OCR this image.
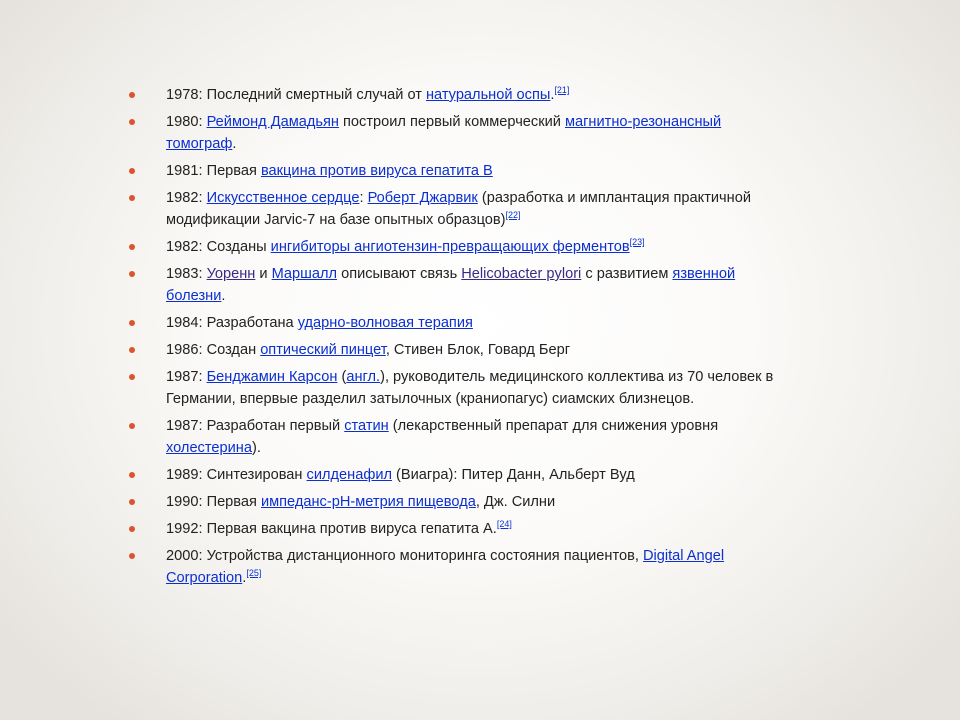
1978: Последний смертный случай от натуральной оспы.[21]
1980: Реймонд Дамадьян построил первый коммерческий магнитно-резонансный томограф.
1981: Первая вакцина против вируса гепатита В
1982: Искусственное сердце: Роберт Джарвик (разработка и имплантация практичной модификации Jarvic-7 на базе опытных образцов)[22]
1982: Созданы ингибиторы ангиотензин-превращающих ферментов[23]
1983: Уоренн и Маршалл описывают связь Helicobacter pylori с развитием язвенной болезни.
1984: Разработана ударно-волновая терапия
1986: Создан оптический пинцет, Стивен Блок, Говард Берг
1987: Бенджамин Карсон (англ.), руководитель медицинского коллектива из 70 человек в Германии, впервые разделил затылочных (краниопагус) сиамских близнецов.
1987: Разработан первый статин (лекарственный препарат для снижения уровня холестерина).
1989: Синтезирован силденафил (Виагра): Питер Данн, Альберт Вуд
1990: Первая импеданс-pH-метрия пищевода, Дж. Силни
1992: Первая вакцина против вируса гепатита А.[24]
2000: Устройства дистанционного мониторинга состояния пациентов, Digital Angel Corporation.[25]
